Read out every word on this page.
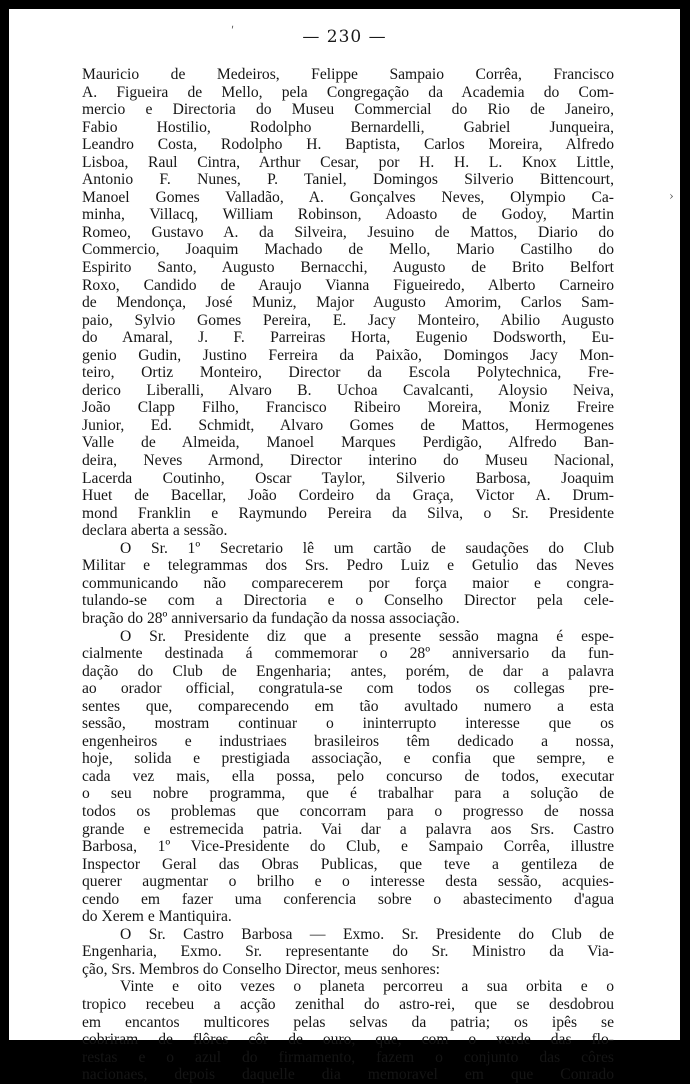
ʹ	— 230 —
›
Mauricio de Medeiros, Felippe Sampaio Corrêa, Francisco
A. Figueira de Mello, pela Congregação da Academia do Com-
mercio e Directoria do Museu Commercial do Rio de Janeiro,
Fabio Hostilio, Rodolpho Bernardelli, Gabriel Junqueira,
Leandro Costa, Rodolpho H. Baptista, Carlos Moreira, Alfredo
Lisboa, Raul Cintra, Arthur Cesar, por H. H. L. Knox Little,
Antonio F. Nunes, P. Taniel, Domingos Silverio Bittencourt,
Manoel Gomes Valladão, A. Gonçalves Neves, Olympio Ca-
minha, Villacq, William Robinson, Adoasto de Godoy, Martin
Romeo, Gustavo A. da Silveira, Jesuino de Mattos, Diario do
Commercio, Joaquim Machado de Mello, Mario Castilho do
Espirito Santo, Augusto Bernacchi, Augusto de Brito Belfort
Roxo, Candido de Araujo Vianna Figueiredo, Alberto Carneiro
de Mendonça, José Muniz, Major Augusto Amorim, Carlos Sam-
paio, Sylvio Gomes Pereira, E. Jacy Monteiro, Abilio Augusto
do Amaral, J. F. Parreiras Horta, Eugenio Dodsworth, Eu-
genio Gudin, Justino Ferreira da Paixão, Domingos Jacy Mon-
teiro, Ortiz Monteiro, Director da Escola Polytechnica, Fre-
derico Liberalli, Alvaro B. Uchoa Cavalcanti, Aloysio Neiva,
João Clapp Filho, Francisco Ribeiro Moreira, Moniz Freire
Junior, Ed. Schmidt, Alvaro Gomes de Mattos, Hermogenes
Valle de Almeida, Manoel Marques Perdigão, Alfredo Ban-
deira, Neves Armond, Director interino do Museu Nacional,
Lacerda Coutinho, Oscar Taylor, Silverio Barbosa, Joaquim
Huet de Bacellar, João Cordeiro da Graça, Victor A. Drum-
mond Franklin e Raymundo Pereira da Silva, o Sr. Presidente
declara aberta a sessão.
O Sr. 1º Secretario lê um cartão de saudações do Club
Militar e telegrammas dos Srs. Pedro Luiz e Getulio das Neves
communicando não comparecerem por força maior e congra-
tulando-se com a Directoria e o Conselho Director pela cele-
bração do 28º anniversario da fundação da nossa associação.
O Sr. Presidente diz que a presente sessão magna é espe-
cialmente destinada á commemorar o 28º anniversario da fun-
dação do Club de Engenharia; antes, porém, de dar a palavra
ao orador official, congratula-se com todos os collegas pre-
sentes que, comparecendo em tão avultado numero a esta
sessão, mostram continuar o ininterrupto interesse que os
engenheiros e industriaes brasileiros têm dedicado a nossa,
hoje, solida e prestigiada associação, e confia que sempre, e
cada vez mais, ella possa, pelo concurso de todos, executar
o seu nobre programma, que é trabalhar para a solução de
todos os problemas que concorram para o progresso de nossa
grande e estremecida patria. Vai dar a palavra aos Srs. Castro
Barbosa, 1º Vice-Presidente do Club, e Sampaio Corrêa, illustre
Inspector Geral das Obras Publicas, que teve a gentileza de
querer augmentar o brilho e o interesse desta sessão, acquies-
cendo em fazer uma conferencia sobre o abastecimento d'agua
do Xerem e Mantiquira.
O Sr. Castro Barbosa — Exmo. Sr. Presidente do Club de
Engenharia, Exmo. Sr. representante do Sr. Ministro da Via-
ção, Srs. Membros do Conselho Director, meus senhores:
Vinte e oito vezes o planeta percorreu a sua orbita e o
tropico recebeu a acção zenithal do astro-rei, que se desdobrou
em encantos multicores pelas selvas da patria; os ipês se
cobriram de flôres côr de ouro, que, com o verde das flo-
restas e o azul do firmamento, fazem o conjunto das côres
nacionaes, depois daquelle dia memoravel em que Conrado
